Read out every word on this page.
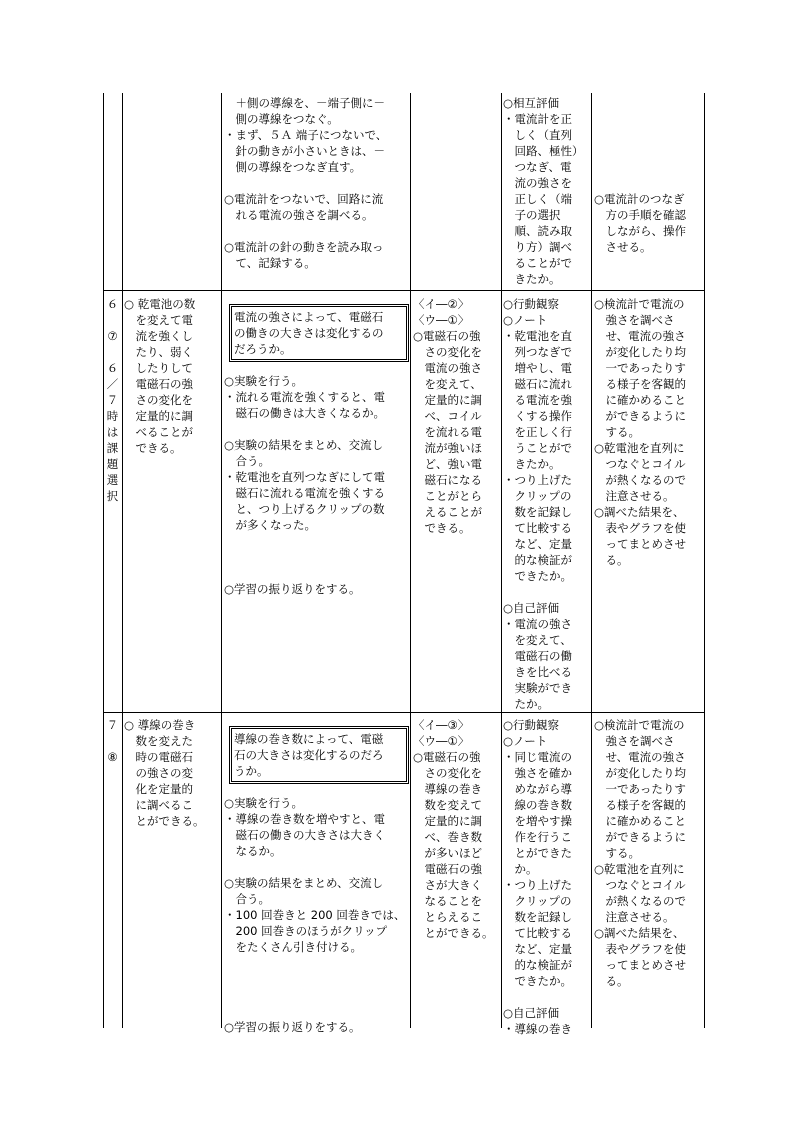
　＋側の導線を、－端子側に－
　側の導線をつなぐ。
・まず、５Ａ 端子につないで、
　針の動きが小さいときは、－
　側の導線をつなぎ直す。
○電流計をつないで、回路に流
　れる電流の強さを調べる。
○電流計の針の動きを読み取っ
　て、記録する。
○相互評価
・電流計を正
　しく（直列
　回路、極性）
　つなぎ、電
　流の強さを
　正しく（端
　子の選択
　順、読み取
　り方）調べ
　ることがで
　きたか。
○電流計のつなぎ
　方の手順を確認
　しながら、操作
　させる。
６
⑦
６
／
７
時
は
課
題
選
択
○ 乾電池の数
　を変えて電
　流を強くし
　たり、弱く
　したりして
　電磁石の強
　さの変化を
　定量的に調
　べることが
　できる。
電流の強さによって、電磁石
の働きの大きさは変化するの
だろうか。
○実験を行う。
・流れる電流を強くすると、電
　磁石の働きは大きくなるか。
○実験の結果をまとめ、交流し
　合う。
・乾電池を直列つなぎにして電
　磁石に流れる電流を強くする
　と、つり上げるクリップの数
　が多くなった。
○学習の振り返りをする。
〈イ―②〉
〈ウ―①〉
○電磁石の強
　さの変化を
　電流の強さ
　を変えて、
　定量的に調
　べ、コイル
　を流れる電
　流が強いほ
　ど、強い電
　磁石になる
　ことがとら
　えることが
　できる。
○行動観察
○ノート
・乾電池を直
　列つなぎで
　増やし、電
　磁石に流れ
　る電流を強
　くする操作
　を正しく行
　うことがで
　きたか。
・つり上げた
　クリップの
　数を記録し
　て比較する
　など、定量
　的な検証が
　できたか。
○自己評価
・電流の強さ
　を変えて、
　電磁石の働
　きを比べる
　実験ができ
　たか。
○検流計で電流の
　強さを調べさ
　せ、電流の強さ
　が変化したり均
　一であったりす
　る様子を客観的
　に確かめること
　ができるように
　する。
○乾電池を直列に
　つなぐとコイル
　が熱くなるので
　注意させる。
○調べた結果を、
　表やグラフを使
　ってまとめさせ
　る。
７
⑧
○ 導線の巻き
　数を変えた
　時の電磁石
　の強さの変
　化を定量的
　に調べるこ
　とができる。
導線の巻き数によって、電磁
石の大きさは変化するのだろ
うか。
○実験を行う。
・導線の巻き数を増やすと、電
　磁石の働きの大きさは大きく
　なるか。
○実験の結果をまとめ、交流し
　合う。
・100 回巻きと 200 回巻きでは、
　200 回巻きのほうがクリップ
　をたくさん引き付ける。
○学習の振り返りをする。
〈イ―③〉
〈ウ―①〉
○電磁石の強
　さの変化を
　導線の巻き
　数を変えて
　定量的に調
　べ、巻き数
　が多いほど
　電磁石の強
　さが大きく
　なることを
　とらえるこ
　とができる。
○行動観察
○ノート
・同じ電流の
　強さを確か
　めながら導
　線の巻き数
　を増やす操
　作を行うこ
　とができた
　か。
・つり上げた
　クリップの
　数を記録し
　て比較する
　など、定量
　的な検証が
　できたか。
○自己評価
・導線の巻き
○検流計で電流の
　強さを調べさ
　せ、電流の強さ
　が変化したり均
　一であったりす
　る様子を客観的
　に確かめること
　ができるように
　する。
○乾電池を直列に
　つなぐとコイル
　が熱くなるので
　注意させる。
○調べた結果を、
　表やグラフを使
　ってまとめさせ
　る。
